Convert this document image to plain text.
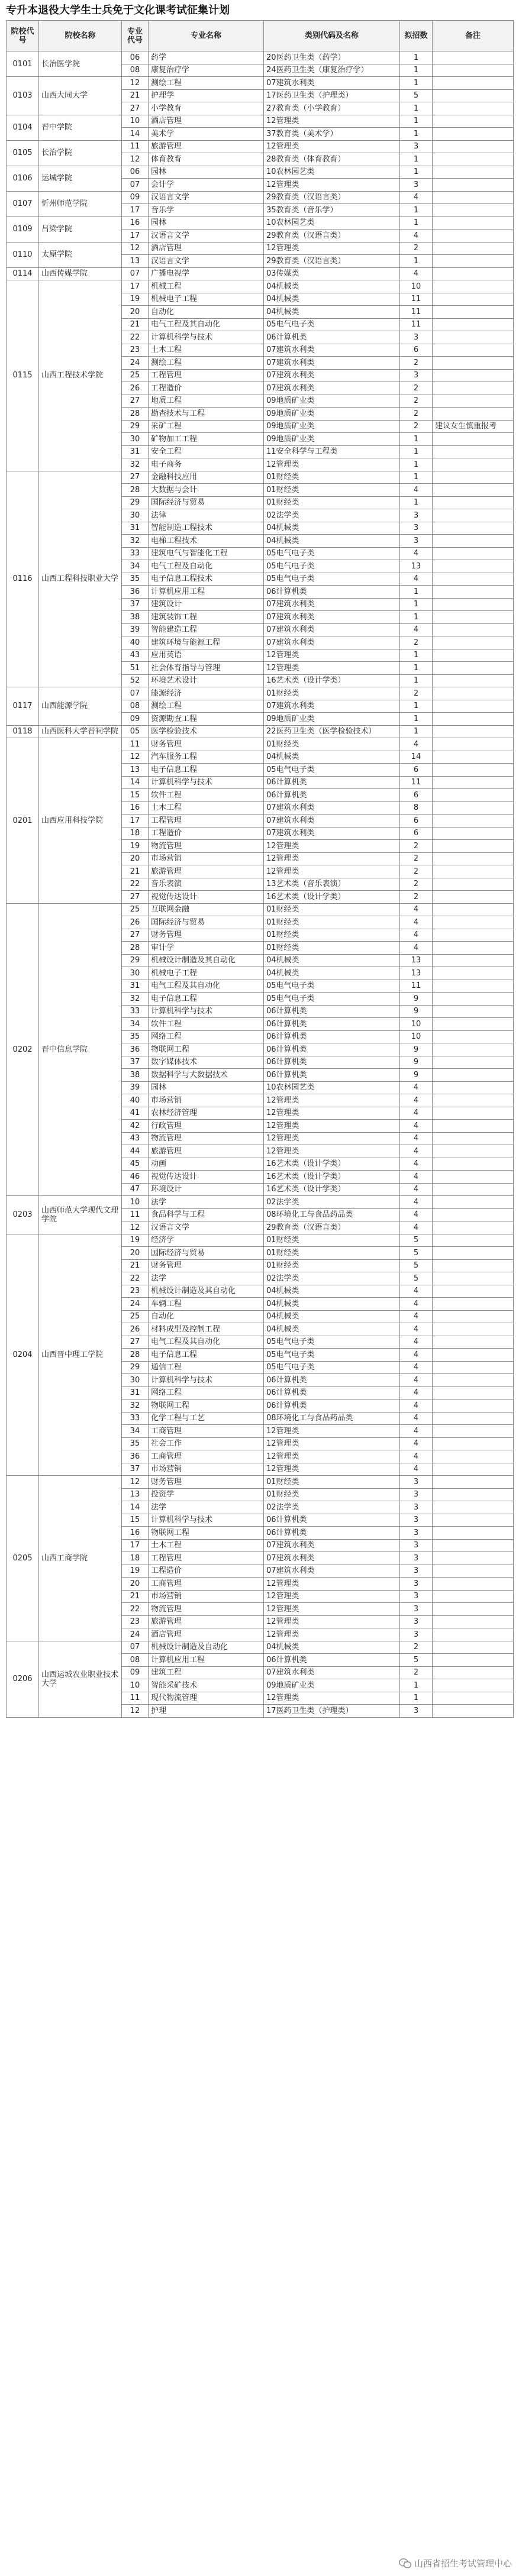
专升本退役大学生士兵免于文化课考试征集计划
院校代号	院校名称	专业代号	专业名称	类别代码及名称	拟招数	备注
0101	长治医学院	06	药学	20医药卫生类（药学）	1	
		08	康复治疗学	24医药卫生类（康复治疗学）	1	
0103	山西大同大学	12	测绘工程	07建筑水利类	1	
		21	护理学	17医药卫生类（护理类）	5	
		27	小学教育	27教育类（小学教育）	1	
0104	晋中学院	10	酒店管理	12管理类	1	
		14	美术学	37教育类（美术学）	1	
0105	长治学院	11	旅游管理	12管理类	3	
		12	体育教育	28教育类（体育教育）	1	
0106	运城学院	06	园林	10农林园艺类	1	
		07	会计学	12管理类	3	
0107	忻州师范学院	09	汉语言文学	29教育类（汉语言类）	4	
		17	音乐学	35教育类（音乐学）	1	
0109	吕梁学院	16	园林	10农林园艺类	1	
		17	汉语言文学	29教育类（汉语言类）	4	
0110	太原学院	12	酒店管理	12管理类	2	
		13	汉语言文学	29教育类（汉语言类）	1	
0114	山西传媒学院	07	广播电视学	03传媒类	4	
0115	山西工程技术学院	17	机械工程	04机械类	10	
		19	机械电子工程	04机械类	11	
		20	自动化	04机械类	11	
		21	电气工程及其自动化	05电气电子类	11	
		22	计算机科学与技术	06计算机类	3	
		23	土木工程	07建筑水利类	6	
		24	测绘工程	07建筑水利类	2	
		25	工程管理	07建筑水利类	3	
		26	工程造价	07建筑水利类	2	
		27	地质工程	09地质矿业类	2	
		28	勘查技术与工程	09地质矿业类	2	
		29	采矿工程	09地质矿业类	2	建议女生慎重报考
		30	矿物加工工程	09地质矿业类	1	
		31	安全工程	11安全科学与工程类	1	
		32	电子商务	12管理类	1	
0116	山西工程科技职业大学	27	金融科技应用	01财经类	1	
		28	大数据与会计	01财经类	4	
		29	国际经济与贸易	01财经类	1	
		30	法律	02法学类	3	
		31	智能制造工程技术	04机械类	3	
		32	电梯工程技术	04机械类	3	
		33	建筑电气与智能化工程	05电气电子类	4	
		34	电气工程及自动化	05电气电子类	13	
		35	电子信息工程技术	05电气电子类	4	
		36	计算机应用工程	06计算机类	1	
		37	建筑设计	07建筑水利类	1	
		38	建筑装饰工程	07建筑水利类	1	
		39	智能建造工程	07建筑水利类	4	
		40	建筑环境与能源工程	07建筑水利类	2	
		43	应用英语	12管理类	1	
		51	社会体育指导与管理	12管理类	1	
		52	环境艺术设计	16艺术类（设计学类）	1	
0117	山西能源学院	07	能源经济	01财经类	2	
		08	测绘工程	07建筑水利类	1	
		09	资源勘查工程	09地质矿业类	1	
0118	山西医科大学晋祠学院	05	医学检验技术	22医药卫生类（医学检验技术）	1	
0201	山西应用科技学院	11	财务管理	01财经类	4	
		12	汽车服务工程	04机械类	14	
		13	电子信息工程	05电气电子类	6	
		14	计算机科学与技术	06计算机类	11	
		15	软件工程	06计算机类	6	
		16	土木工程	07建筑水利类	8	
		17	工程管理	07建筑水利类	6	
		18	工程造价	07建筑水利类	6	
		19	物流管理	12管理类	2	
		20	市场营销	12管理类	2	
		21	旅游管理	12管理类	2	
		22	音乐表演	13艺术类（音乐表演）	2	
		27	视觉传达设计	16艺术类（设计学类）	2	
0202	晋中信息学院	25	互联网金融	01财经类	4	
		26	国际经济与贸易	01财经类	4	
		27	财务管理	01财经类	4	
		28	审计学	01财经类	4	
		29	机械设计制造及其自动化	04机械类	13	
		30	机械电子工程	04机械类	13	
		31	电气工程及其自动化	05电气电子类	11	
		32	电子信息工程	05电气电子类	9	
		33	计算机科学与技术	06计算机类	9	
		34	软件工程	06计算机类	10	
		35	网络工程	06计算机类	10	
		36	物联网工程	06计算机类	9	
		37	数字媒体技术	06计算机类	9	
		38	数据科学与大数据技术	06计算机类	9	
		39	园林	10农林园艺类	4	
		40	市场营销	12管理类	4	
		41	农林经济管理	12管理类	4	
		42	行政管理	12管理类	4	
		43	物流管理	12管理类	4	
		44	旅游管理	12管理类	4	
		45	动画	16艺术类（设计学类）	4	
		46	视觉传达设计	16艺术类（设计学类）	4	
		47	环境设计	16艺术类（设计学类）	4	
0203	山西师范大学现代文理学院	10	法学	02法学类	4	
		11	食品科学与工程	08环境化工与食品药品类	4	
		12	汉语言文学	29教育类（汉语言类）	4	
0204	山西晋中理工学院	19	经济学	01财经类	5	
		20	国际经济与贸易	01财经类	5	
		21	财务管理	01财经类	5	
		22	法学	02法学类	5	
		23	机械设计制造及其自动化	04机械类	4	
		24	车辆工程	04机械类	4	
		25	自动化	04机械类	4	
		26	材料成型及控制工程	04机械类	4	
		27	电气工程及其自动化	05电气电子类	4	
		28	电子信息工程	05电气电子类	4	
		29	通信工程	05电气电子类	4	
		30	计算机科学与技术	06计算机类	4	
		31	网络工程	06计算机类	4	
		32	物联网工程	06计算机类	4	
		33	化学工程与工艺	08环境化工与食品药品类	4	
		34	工商管理	12管理类	4	
		35	社会工作	12管理类	4	
		36	工商管理	12管理类	4	
		37	市场营销	12管理类	4	
0205	山西工商学院	12	财务管理	01财经类	3	
		13	投资学	01财经类	3	
		14	法学	02法学类	3	
		15	计算机科学与技术	06计算机类	3	
		16	物联网工程	06计算机类	3	
		17	土木工程	07建筑水利类	3	
		18	工程管理	07建筑水利类	3	
		19	工程造价	07建筑水利类	3	
		20	工商管理	12管理类	3	
		21	市场营销	12管理类	3	
		22	物流管理	12管理类	3	
		23	旅游管理	12管理类	3	
		24	酒店管理	12管理类	3	
0206	山西运城农业职业技术大学	07	机械设计制造及自动化	04机械类	2	
		08	计算机应用工程	06计算机类	5	
		09	建筑工程	07建筑水利类	2	
		10	智能采矿技术	09地质矿业类	1	
		11	现代物流管理	12管理类	1	
		12	护理	17医药卫生类（护理类）	3	
山西省招生考试管理中心
